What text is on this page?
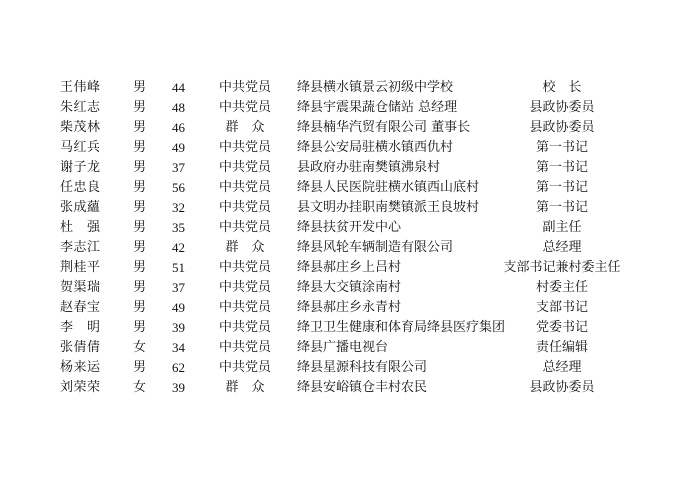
王伟峰	男	44	中共党员	绛县横水镇景云初级中学校	校　长
朱红志	男	48	中共党员	绛县宇震果蔬仓储站 总经理	县政协委员
柴茂林	男	46	群　众	绛县楠华汽贸有限公司 董事长	县政协委员
马红兵	男	49	中共党员	绛县公安局驻横水镇西仇村	第一书记
谢子龙	男	37	中共党员	县政府办驻南樊镇沸泉村	第一书记
任忠良	男	56	中共党员	绛县人民医院驻横水镇西山底村	第一书记
张成蘊	男	32	中共党员	县文明办挂职南樊镇派王良坡村	第一书记
杜　强	男	35	中共党员	绛县扶贫开发中心	副主任
李志江	男	42	群　众	绛县风轮车辆制造有限公司	总经理
荆桂平	男	51	中共党员	绛县郝庄乡上吕村	支部书记兼村委主任
贺渠瑞	男	37	中共党员	绛县大交镇涂南村	村委主任
赵春宝	男	49	中共党员	绛县郝庄乡永青村	支部书记
李　明	男	39	中共党员	绛卫卫生健康和体育局绛县医疗集团	党委书记
张倩倩	女	34	中共党员	绛县广播电视台	责任编辑
杨来运	男	62	中共党员	绛县星源科技有限公司	总经理
刘荣荣	女	39	群　众	绛县安峪镇仓丰村农民	县政协委员
